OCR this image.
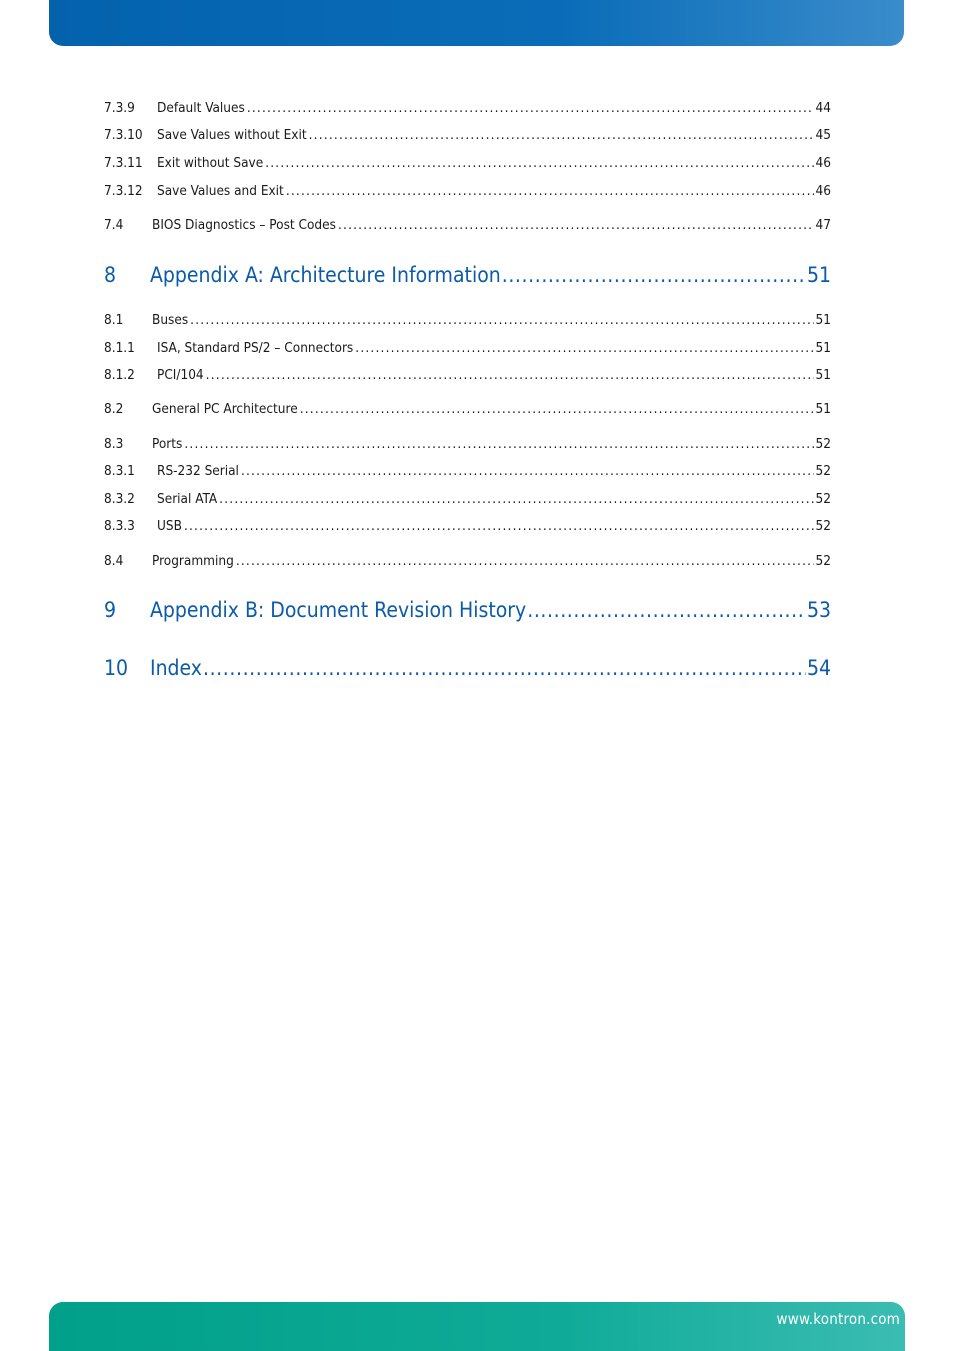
7.3.9	Default Values .....	44
7.3.10	Save Values without Exit .....	45
7.3.11	Exit without Save .....	46
7.3.12	Save Values and Exit .....	46
7.4	BIOS Diagnostics – Post Codes .....	47
8	Appendix A: Architecture Information .....	51
8.1	Buses .....	51
8.1.1	ISA, Standard PS/2 – Connectors .....	51
8.1.2	PCI/104 .....	51
8.2	General PC Architecture .....	51
8.3	Ports .....	52
8.3.1	RS-232 Serial .....	52
8.3.2	Serial ATA .....	52
8.3.3	USB .....	52
8.4	Programming .....	52
9	Appendix B: Document Revision History .....	53
10	Index .....	54
www.kontron.com
